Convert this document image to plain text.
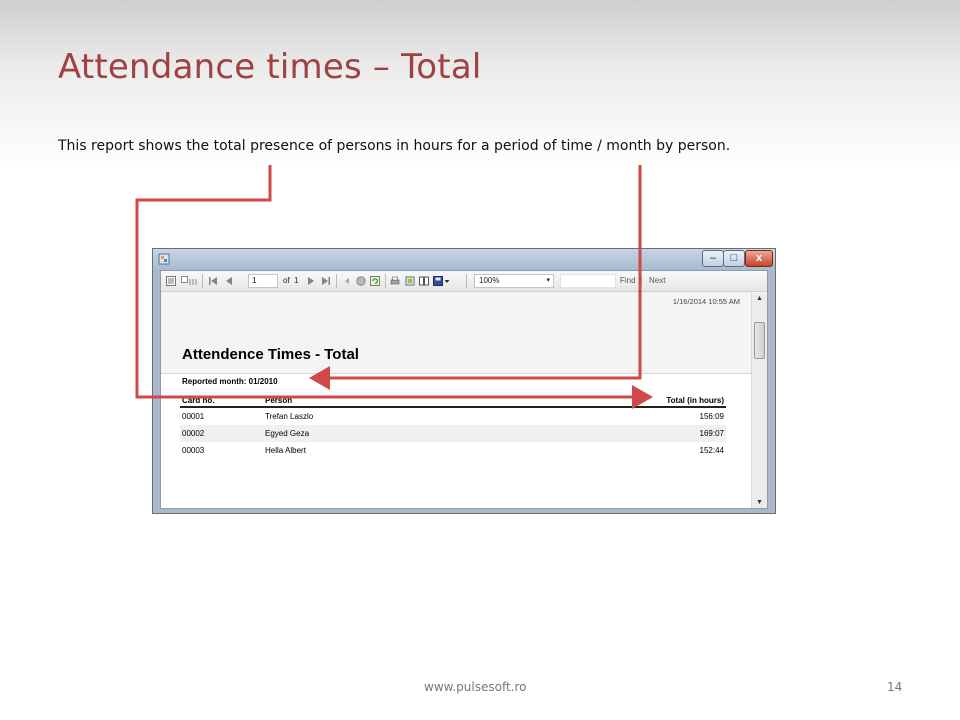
Attendance times – Total
This report shows the total presence of persons in hours for a period of time / month by person.
–	□	x
1	of 1	100%	▾	Find Next
1/16/2014 10:55 AM
Attendence Times - Total
Reported month: 01/2010
Card no.	Person	Total (in hours)
00001	Trefan Laszlo	156:09
00002	Egyed Geza	169:07
00003	Hella Albert	152:44
▲
▼
www.pulsesoft.ro	14
